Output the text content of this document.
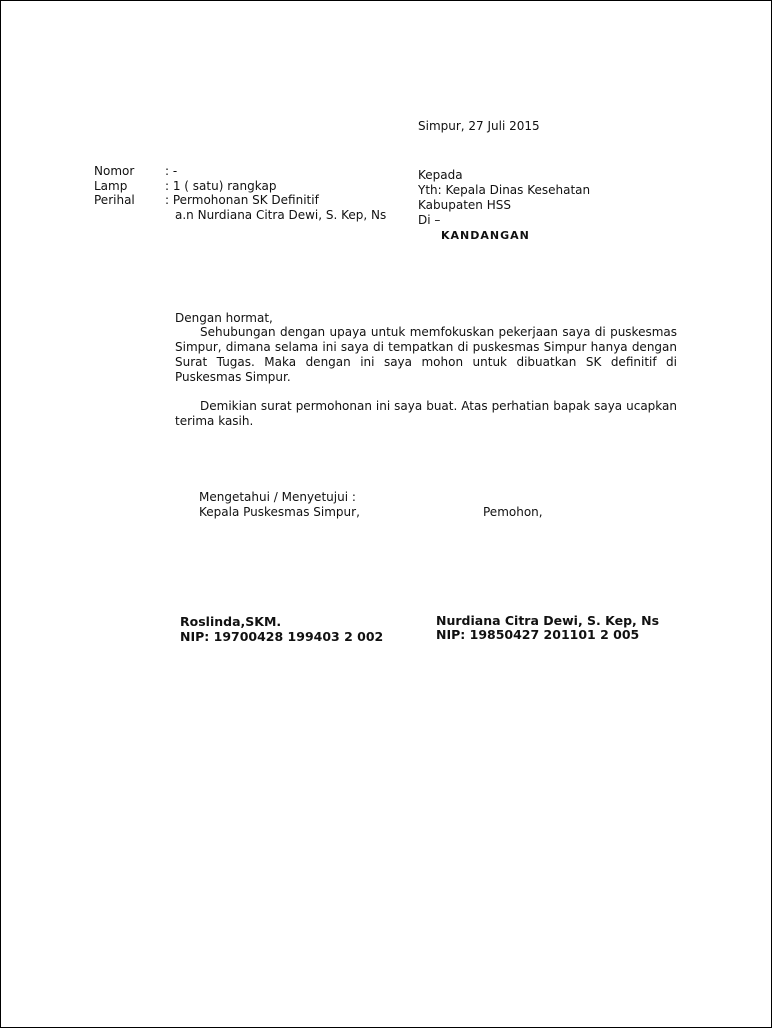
Simpur, 27 Juli 2015
Nomor	: -
Lamp	: 1 ( satu) rangkap
Perihal	: Permohonan SK Definitif
a.n Nurdiana Citra Dewi, S. Kep, Ns
Kepada
Yth: Kepala Dinas Kesehatan
Kabupaten HSS
Di –
KANDANGAN
Dengan hormat,

Sehubungan dengan upaya untuk memfokuskan pekerjaan saya di puskesmas Simpur, dimana selama ini saya di tempatkan di puskesmas Simpur hanya dengan Surat Tugas. Maka dengan ini saya mohon untuk dibuatkan SK definitif di Puskesmas Simpur.

Demikian surat permohonan ini saya buat. Atas perhatian bapak saya ucapkan terima kasih.

Mengetahui / Menyetujui :
Kepala Puskesmas Simpur,	Pemohon,
Roslinda,SKM.
NIP: 19700428 199403 2 002
Nurdiana Citra Dewi, S. Kep, Ns
NIP: 19850427 201101 2 005
